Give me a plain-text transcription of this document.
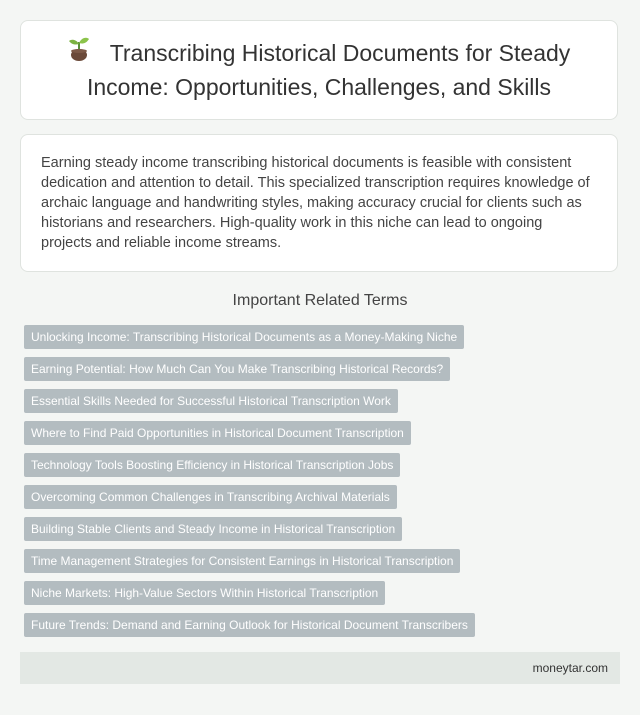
Transcribing Historical Documents for Steady Income: Opportunities, Challenges, and Skills

Earning steady income transcribing historical documents is feasible with consistent dedication and attention to detail. This specialized transcription requires knowledge of archaic language and handwriting styles, making accuracy crucial for clients such as historians and researchers. High-quality work in this niche can lead to ongoing projects and reliable income streams.

Important Related Terms
Unlocking Income: Transcribing Historical Documents as a Money-Making Niche
Earning Potential: How Much Can You Make Transcribing Historical Records?
Essential Skills Needed for Successful Historical Transcription Work
Where to Find Paid Opportunities in Historical Document Transcription
Technology Tools Boosting Efficiency in Historical Transcription Jobs
Overcoming Common Challenges in Transcribing Archival Materials
Building Stable Clients and Steady Income in Historical Transcription
Time Management Strategies for Consistent Earnings in Historical Transcription
Niche Markets: High-Value Sectors Within Historical Transcription
Future Trends: Demand and Earning Outlook for Historical Document Transcribers
moneytar.com
